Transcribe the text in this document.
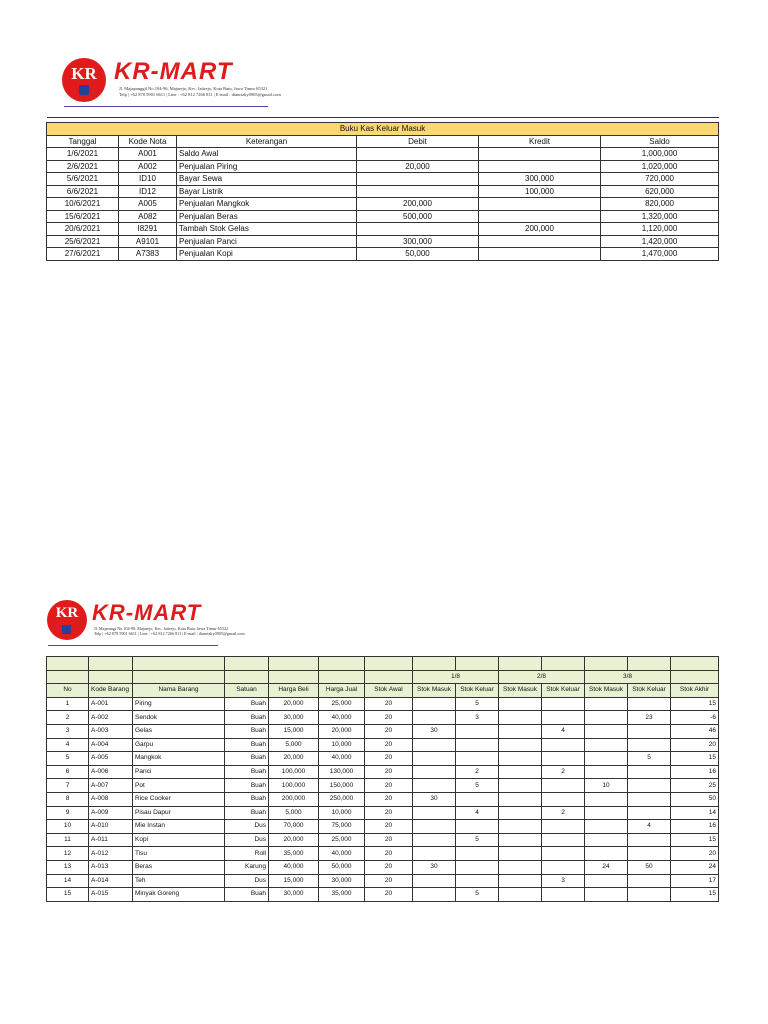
KR KR-MART
Jl. Majapanggil No.104-96, Majarejo, Kec. Jatirejo, Kota Batu, Jawa Timur 65321
Telp | +62 878 5901 6611 | Line : +62 812 7266 811 | E-mail : dianrizky0905@gmail.com

Buku Kas Keluar Masuk					
Tanggal	Kode Nota	Keterangan	Debit	Kredit	Saldo
1/6/2021	A001	Saldo Awal			1,000,000
2/6/2021	A002	Penjualan Piring	20,000		1,020,000
5/6/2021	ID10	Bayar Sewa		300,000	720,000
6/6/2021	ID12	Bayar Listrik		100,000	620,000
10/6/2021	A005	Penjualan Mangkok	200,000		820,000
15/6/2021	A082	Penjualan Beras	500,000		1,320,000
20/6/2021	I8291	Tambah Stok Gelas		200,000	1,120,000
25/6/2021	A9101	Penjualan Panci	300,000		1,420,000
27/6/2021	A7383	Penjualan Kopi	50,000		1,470,000
KR KR-MART
Jl. Majarangi No.104-96, Majarejo, Kec. Jatirejo, Kota Batu, Jawa Timur 65322
Telp | +62 878 5901 6611 | Line : +62 812 7266 811 | E-mail : dianrizky0905@gmail.com

							1/8		2/8		3/8		
No	Kode Barang	Nama Barang	Satuan	Harga Beli	Harga Jual	Stok Awal	Stok Masuk	Stok Keluar	Stok Masuk	Stok Keluar	Stok Masuk	Stok Keluar	Stok Akhir
1	A-001	Piring	Buah	20,000	25,000	20		5					15
2	A-002	Sendok	Buah	30,000	40,000	20		3				23	-6
3	A-003	Gelas	Buah	15,000	20,000	20	30			4			46
4	A-004	Garpu	Buah	5,000	10,000	20							20
5	A-005	Mangkok	Buah	20,000	40,000	20						5	15
6	A-006	Panci	Buah	100,000	130,000	20		2		2			16
7	A-007	Pot	Buah	100,000	150,000	20		5			10		25
8	A-008	Rice Cooker	Buah	200,000	250,000	20	30						50
9	A-009	Pisau Dapur	Buah	5,000	10,000	20		4		2			14
10	A-010	Mie Instan	Dus	70,000	75,000	20						4	16
11	A-011	Kopi	Dus	20,000	25,000	20		5					15
12	A-012	Tisu	Roll	35,000	40,000	20							20
13	A-013	Beras	Karung	40,000	50,000	20	30				24	50	24
14	A-014	Teh	Dus	15,000	30,000	20				3			17
15	A-015	Minyak Goreng	Buah	30,000	35,000	20		5					15
